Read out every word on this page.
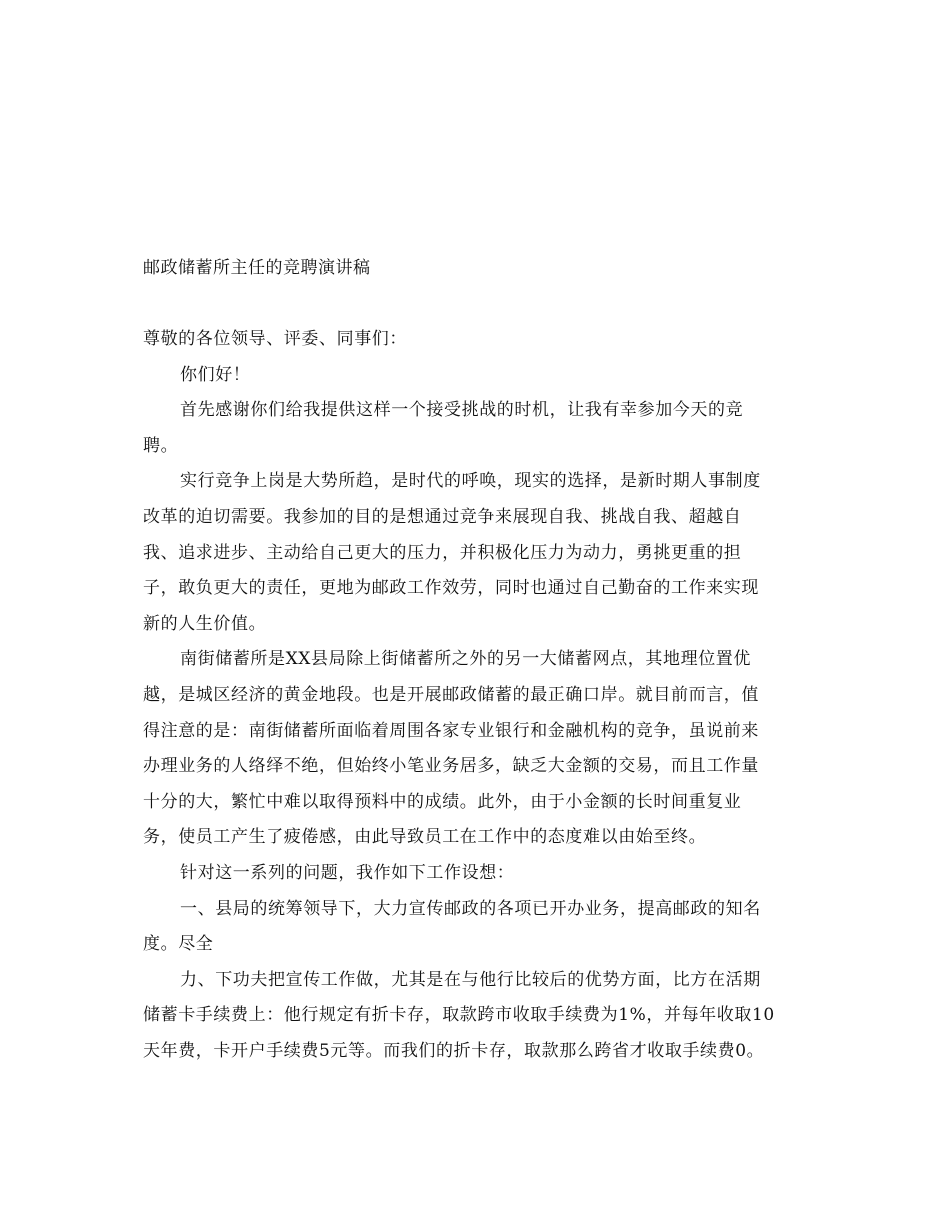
邮政储蓄所主任的竞聘演讲稿
尊敬的各位领导、评委、同事们：
你们好！
首先感谢你们给我提供这样一个接受挑战的时机，让我有幸参加今天的竞
聘。
实行竞争上岗是大势所趋，是时代的呼唤，现实的选择，是新时期人事制度
改革的迫切需要。我参加的目的是想通过竞争来展现自我、挑战自我、超越自
我、追求进步、主动给自己更大的压力，并积极化压力为动力，勇挑更重的担
子，敢负更大的责任，更地为邮政工作效劳，同时也通过自己勤奋的工作来实现
新的人生价值。
南街储蓄所是XX县局除上街储蓄所之外的另一大储蓄网点，其地理位置优
越，是城区经济的黄金地段。也是开展邮政储蓄的最正确口岸。就目前而言，值
得注意的是：南街储蓄所面临着周围各家专业银行和金融机构的竞争，虽说前来
办理业务的人络绎不绝，但始终小笔业务居多，缺乏大金额的交易，而且工作量
十分的大，繁忙中难以取得预料中的成绩。此外，由于小金额的长时间重复业
务，使员工产生了疲倦感，由此导致员工在工作中的态度难以由始至终。
针对这一系列的问题，我作如下工作设想：
一、县局的统筹领导下，大力宣传邮政的各项已开办业务，提高邮政的知名
度。尽全
力、下功夫把宣传工作做，尤其是在与他行比较后的优势方面，比方在活期
储蓄卡手续费上：他行规定有折卡存，取款跨市收取手续费为1%，并每年收取10
天年费，卡开户手续费5元等。而我们的折卡存，取款那么跨省才收取手续费0。
